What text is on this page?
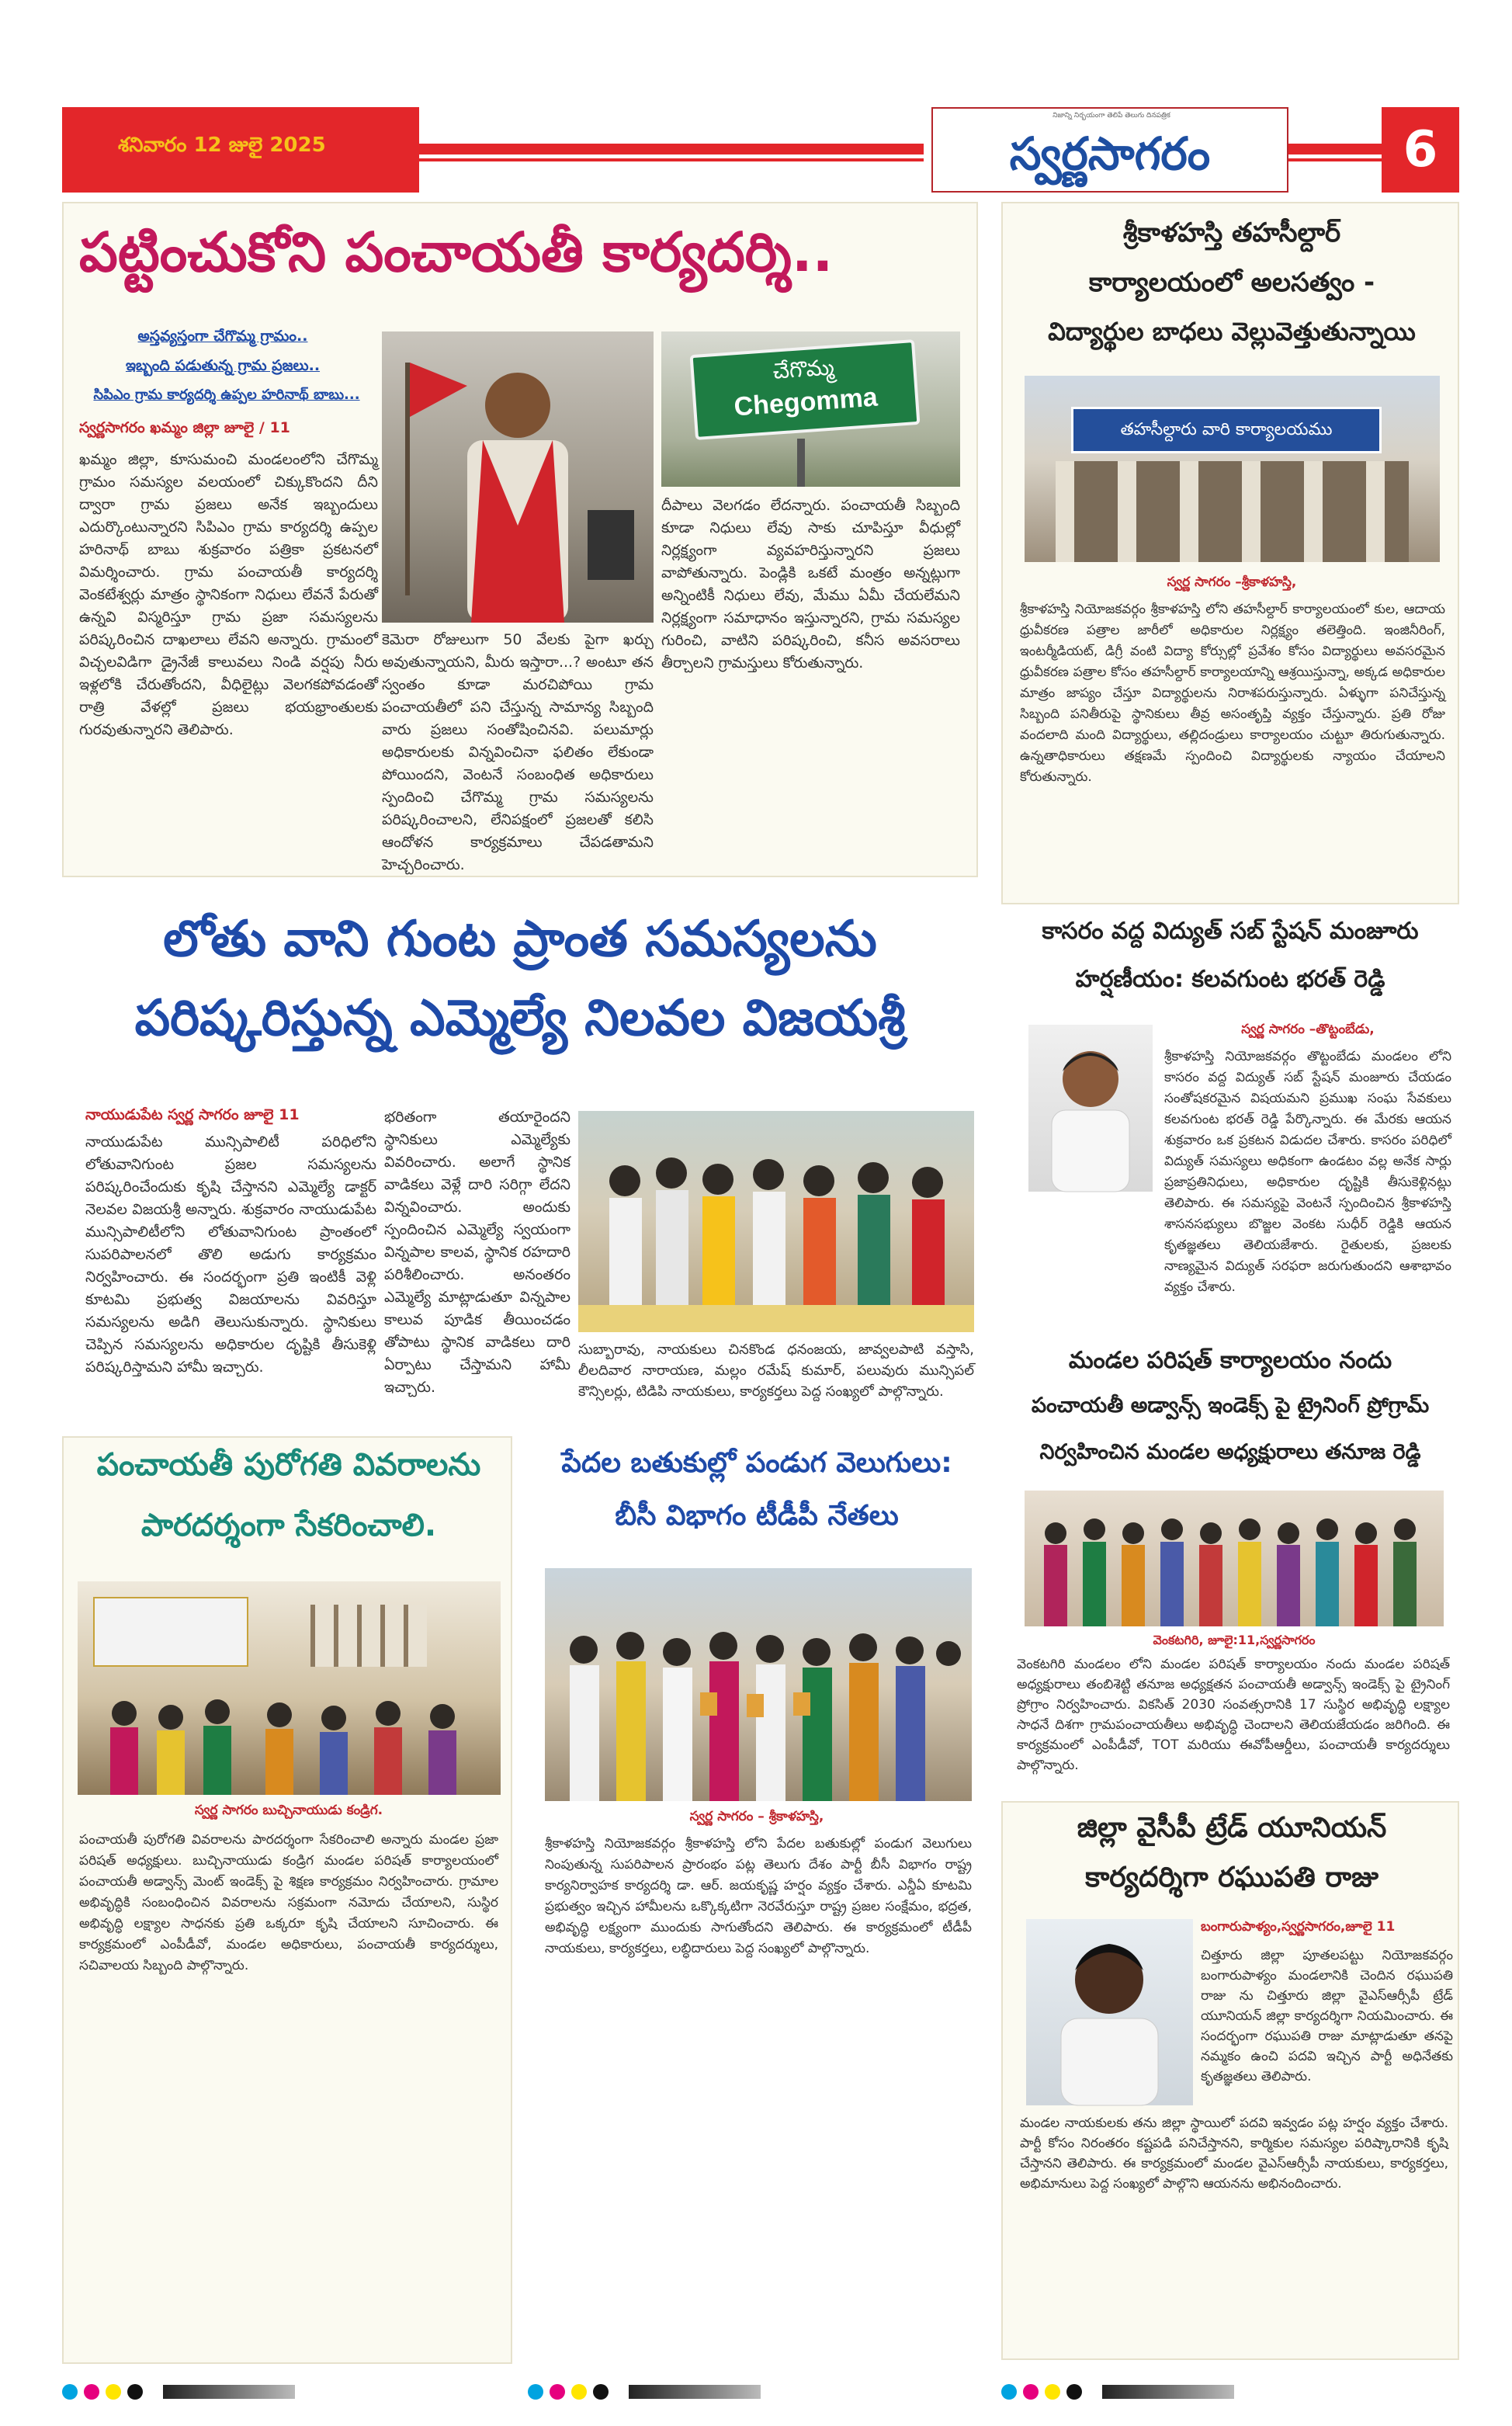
శనివారం 12 జులై 2025
నిజాన్ని నిర్భయంగా తెలిపే తెలుగు దినపత్రిక
స్వర్ణసాగరం	6
పట్టించుకోని పంచాయతీ కార్యదర్శి..
అస్తవ్యస్తంగా చేగొమ్మ గ్రామం..
ఇబ్బంది పడుతున్న గ్రామ ప్రజలు..
సిపిఎం గ్రామ కార్యదర్శి ఉప్పల హరినాథ్ బాబు...
స్వర్ణసాగరం ఖమ్మం జిల్లా జూలై / 11
ఖమ్మం జిల్లా, కూసుమంచి మండలంలోని చేగొమ్మ గ్రామం సమస్యల వలయంలో చిక్కుకొందని దీని ద్వారా గ్రామ ప్రజలు అనేక ఇబ్బందులు ఎదుర్కొంటున్నారని సిపిఎం గ్రామ కార్యదర్శి ఉప్పల హరినాథ్ బాబు శుక్రవారం పత్రికా ప్రకటనలో విమర్శించారు. గ్రామ పంచాయతీ కార్యదర్శి వెంకటేశ్వర్లు మాత్రం స్థానికంగా నిధులు లేవనే పేరుతో ఉన్నవి విస్మరిస్తూ గ్రామ ప్రజా సమస్యలను పరిష్కరించిన దాఖలాలు లేవని అన్నారు. గ్రామంలో విచ్చలవిడిగా డ్రైనేజీ కాలువలు నిండి వర్షపు నీరు ఇళ్లలోకి చేరుతోందని, వీధిలైట్లు వెలగకపోవడంతో రాత్రి వేళల్లో ప్రజలు భయభ్రాంతులకు గురవుతున్నారని తెలిపారు.
చేగొమ్మ
Chegomma
కెమెరా రోజులుగా 50 వేలకు పైగా ఖర్చు అవుతున్నాయని, మీరు ఇస్తారా...? అంటూ తన స్వంతం కూడా మరచిపోయి గ్రామ పంచాయతీలో పని చేస్తున్న సామాన్య సిబ్బంది వారు ప్రజలు సంతోషించినవి. పలుమార్లు అధికారులకు విన్నవించినా ఫలితం లేకుండా పోయిందని, వెంటనే సంబంధిత అధికారులు స్పందించి చేగొమ్మ గ్రామ సమస్యలను పరిష్కరించాలని, లేనిపక్షంలో ప్రజలతో కలిసి ఆందోళన కార్యక్రమాలు చేపడతామని హెచ్చరించారు.
దీపాలు వెలగడం లేదన్నారు. పంచాయతీ సిబ్బంది కూడా నిధులు లేవు సాకు చూపిస్తూ వీధుల్లో నిర్లక్ష్యంగా వ్యవహరిస్తున్నారని ప్రజలు వాపోతున్నారు. పెండ్లికి ఒకటే మంత్రం అన్నట్లుగా అన్నింటికీ నిధులు లేవు, మేము ఏమీ చేయలేమని నిర్లక్ష్యంగా సమాధానం ఇస్తున్నారని, గ్రామ సమస్యల గురించి, వాటిని పరిష్కరించి, కనీస అవసరాలు తీర్చాలని గ్రామస్తులు కోరుతున్నారు.
శ్రీకాళహస్తి తహసీల్దార్
కార్యాలయంలో అలసత్వం -
విద్యార్థుల బాధలు వెల్లువెత్తుతున్నాయి
తహసీల్దారు వారి కార్యాలయము
స్వర్ణ సాగరం –శ్రీకాళహస్తి,
శ్రీకాళహస్తి నియోజకవర్గం శ్రీకాళహస్తి లోని తహసీల్దార్ కార్యాలయంలో కుల, ఆదాయ ధ్రువీకరణ పత్రాల జారీలో అధికారుల నిర్లక్ష్యం తలెత్తింది. ఇంజినీరింగ్, ఇంటర్మీడియట్, డిగ్రీ వంటి విద్యా కోర్సుల్లో ప్రవేశం కోసం విద్యార్థులు అవసరమైన ధ్రువీకరణ పత్రాల కోసం తహసీల్దార్ కార్యాలయాన్ని ఆశ్రయిస్తున్నా, అక్కడ అధికారుల మాత్రం జాప్యం చేస్తూ విద్యార్థులను నిరాశపరుస్తున్నారు. ఏళ్ళుగా పనిచేస్తున్న సిబ్బంది పనితీరుపై స్థానికులు తీవ్ర అసంతృప్తి వ్యక్తం చేస్తున్నారు. ప్రతి రోజు వందలాది మంది విద్యార్థులు, తల్లిదండ్రులు కార్యాలయం చుట్టూ తిరుగుతున్నారు. ఉన్నతాధికారులు తక్షణమే స్పందించి విద్యార్థులకు న్యాయం చేయాలని కోరుతున్నారు.
లోతు వాని గుంట ప్రాంత సమస్యలను
పరిష్కరిస్తున్న ఎమ్మెల్యే నిలవల విజయశ్రీ
నాయుడుపేట స్వర్ణ సాగరం జూలై 11
నాయుడుపేట మున్సిపాలిటీ పరిధిలోని లోతువానిగుంట ప్రజల సమస్యలను పరిష్కరించేందుకు కృషి చేస్తానని ఎమ్మెల్యే డాక్టర్ నెలవల విజయశ్రీ అన్నారు. శుక్రవారం నాయుడుపేట మున్సిపాలిటీలోని లోతువానిగుంట ప్రాంతంలో సుపరిపాలనలో తొలి అడుగు కార్యక్రమం నిర్వహించారు. ఈ సందర్భంగా ప్రతి ఇంటికీ వెళ్లి కూటమి ప్రభుత్వ విజయాలను వివరిస్తూ సమస్యలను అడిగి తెలుసుకున్నారు. స్థానికులు చెప్పిన సమస్యలను అధికారుల దృష్టికి తీసుకెళ్లి పరిష్కరిస్తామని హామీ ఇచ్చారు.
భరితంగా తయారైందని స్థానికులు ఎమ్మెల్యేకు వివరించారు. అలాగే స్థానిక వాడికలు వెళ్లే దారి సరిగ్గా లేదని విన్నవించారు. అందుకు స్పందించిన ఎమ్మెల్యే స్వయంగా విన్నపాల కాలవ, స్థానిక రహదారి పరిశీలించారు. అనంతరం ఎమ్మెల్యే మాట్లాడుతూ విన్నపాల కాలువ పూడిక తీయించడం తోపాటు స్థానిక వాడికలు దారి ఏర్పాటు చేస్తామని హామీ ఇచ్చారు.
సుబ్బారావు, నాయకులు చినకొండ ధనంజయ, జావ్వలపాటి వస్తాసి, లీలదివార నారాయణ, మల్లం రమేష్ కుమార్, పలువురు మున్సిపల్ కౌన్సిలర్లు, టిడిపి నాయకులు, కార్యకర్తలు పెద్ద సంఖ్యలో పాల్గొన్నారు.
కాసరం వద్ద విద్యుత్ సబ్ స్టేషన్ మంజూరు
హర్షణీయం: కలవగుంట భరత్ రెడ్డి
స్వర్ణ సాగరం –తొట్టంబేడు,
శ్రీకాళహస్తి నియోజకవర్గం తొట్టంబేడు మండలం లోని కాసరం వద్ద విద్యుత్ సబ్ స్టేషన్ మంజూరు చేయడం సంతోషకరమైన విషయమని ప్రముఖ సంఘ సేవకులు కలవగుంట భరత్ రెడ్డి పేర్కొన్నారు. ఈ మేరకు ఆయన శుక్రవారం ఒక ప్రకటన విడుదల చేశారు. కాసరం పరిధిలో విద్యుత్ సమస్యలు అధికంగా ఉండటం వల్ల అనేక సార్లు ప్రజాప్రతినిధులు, అధికారుల దృష్టికి తీసుకెళ్లినట్లు తెలిపారు. ఈ సమస్యపై వెంటనే స్పందించిన శ్రీకాళహస్తి శాసనసభ్యులు బొజ్జల వెంకట సుధీర్ రెడ్డికి ఆయన కృతజ్ఞతలు తెలియజేశారు. రైతులకు, ప్రజలకు నాణ్యమైన విద్యుత్ సరఫరా జరుగుతుందని ఆశాభావం వ్యక్తం చేశారు.
మండల పరిషత్ కార్యాలయం నందు
పంచాయతీ అడ్వాన్స్ ఇండెక్స్ పై ట్రైనింగ్ ప్రోగ్రామ్
నిర్వహించిన మండల అధ్యక్షురాలు తనూజ రెడ్డి
వెంకటగిరి, జూలై:11,స్వర్ణసాగరం
వెంకటగిరి మండలం లోని మండల పరిషత్ కార్యాలయం నందు మండల పరిషత్ అధ్యక్షురాలు తంబిశెట్టి తనూజ అధ్యక్షతన పంచాయతీ అడ్వాన్స్ ఇండెక్స్ పై ట్రైనింగ్ ప్రోగ్రాం నిర్వహించారు. వికసిత్ 2030 సంవత్సరానికి 17 సుస్థిర అభివృద్ధి లక్ష్యాల సాధనే దిశగా గ్రామపంచాయతీలు అభివృద్ధి చెందాలని తెలియజేయడం జరిగింది. ఈ కార్యక్రమంలో ఎంపీడీవో, TOT మరియు ఈవోపీఆర్డీలు, పంచాయతీ కార్యదర్శులు పాల్గొన్నారు.
జిల్లా వైసీపీ ట్రేడ్ యూనియన్
కార్యదర్శిగా రఘుపతి రాజు
బంగారుపాళ్యం,స్వర్ణసాగరం,జూలై 11
చిత్తూరు జిల్లా పూతలపట్టు నియోజకవర్గం బంగారుపాళ్యం మండలానికి చెందిన రఘుపతి రాజు ను చిత్తూరు జిల్లా వైఎస్ఆర్సీపీ ట్రేడ్ యూనియన్ జిల్లా కార్యదర్శిగా నియమించారు. ఈ సందర్భంగా రఘుపతి రాజు మాట్లాడుతూ తనపై నమ్మకం ఉంచి పదవి ఇచ్చిన పార్టీ అధినేతకు కృతజ్ఞతలు తెలిపారు.
మండల నాయకులకు తను జిల్లా స్థాయిలో పదవి ఇవ్వడం పట్ల హర్షం వ్యక్తం చేశారు. పార్టీ కోసం నిరంతరం కష్టపడి పనిచేస్తానని, కార్మికుల సమస్యల పరిష్కారానికి కృషి చేస్తానని తెలిపారు. ఈ కార్యక్రమంలో మండల వైఎస్ఆర్సీపీ నాయకులు, కార్యకర్తలు, అభిమానులు పెద్ద సంఖ్యలో పాల్గొని ఆయనను అభినందించారు.
పంచాయతీ పురోగతి వివరాలను
పారదర్శంగా సేకరించాలి.
స్వర్ణ సాగరం బుచ్చినాయుడు కండ్రిగ.
పంచాయతీ పురోగతి వివరాలను పారదర్శంగా సేకరించాలి అన్నారు మండల ప్రజా పరిషత్ అధ్యక్షులు. బుచ్చినాయుడు కండ్రిగ మండల పరిషత్ కార్యాలయంలో పంచాయతీ అడ్వాన్స్ మెంట్ ఇండెక్స్ పై శిక్షణ కార్యక్రమం నిర్వహించారు. గ్రామాల అభివృద్ధికి సంబంధించిన వివరాలను సక్రమంగా నమోదు చేయాలని, సుస్థిర అభివృద్ధి లక్ష్యాల సాధనకు ప్రతి ఒక్కరూ కృషి చేయాలని సూచించారు. ఈ కార్యక్రమంలో ఎంపీడీవో, మండల అధికారులు, పంచాయతీ కార్యదర్శులు, సచివాలయ సిబ్బంది పాల్గొన్నారు.
పేదల బతుకుల్లో పండుగ వెలుగులు:
బీసీ విభాగం టీడీపీ నేతలు
స్వర్ణ సాగరం – శ్రీకాళహస్తి,
శ్రీకాళహస్తి నియోజకవర్గం శ్రీకాళహస్తి లోని పేదల బతుకుల్లో పండుగ వెలుగులు నింపుతున్న సుపరిపాలన ప్రారంభం పట్ల తెలుగు దేశం పార్టీ బీసీ విభాగం రాష్ట్ర కార్యనిర్వాహక కార్యదర్శి డా. ఆర్. జయకృష్ణ హర్షం వ్యక్తం చేశారు. ఎన్డీఏ కూటమి ప్రభుత్వం ఇచ్చిన హామీలను ఒక్కొక్కటిగా నెరవేరుస్తూ రాష్ట్ర ప్రజల సంక్షేమం, భద్రత, అభివృద్ధి లక్ష్యంగా ముందుకు సాగుతోందని తెలిపారు. ఈ కార్యక్రమంలో టీడీపీ నాయకులు, కార్యకర్తలు, లబ్ధిదారులు పెద్ద సంఖ్యలో పాల్గొన్నారు.
